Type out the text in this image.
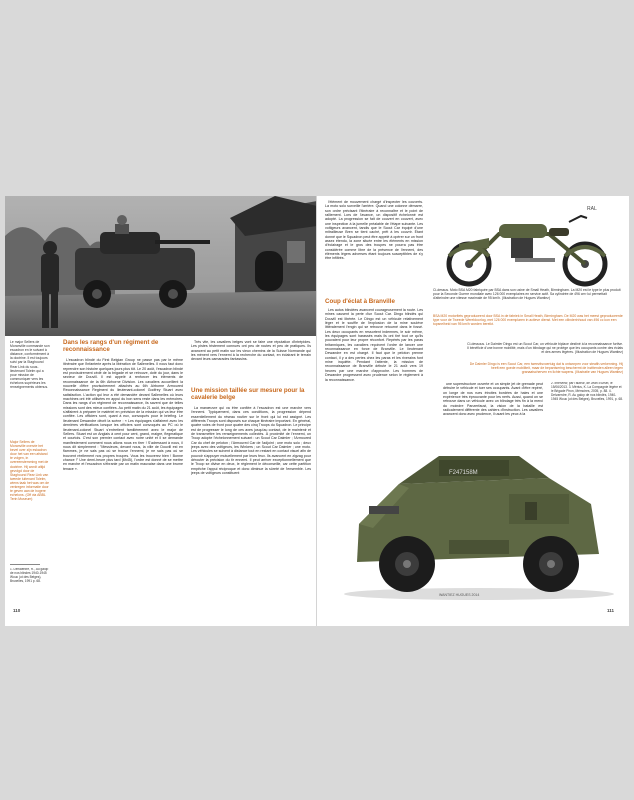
Le major Sellers de Moranville commande son escadron en le suivant à distance, conformément à la doctrine. Il est toujours suivi par la Staghound Rear Link du sous-lieutenant Tolelm qui a pour mission de communiquer vers les échelons supérieurs les renseignements obtenus.
Major Sellers de Moranville overzie het bevel over zijn eskadron door het van een afstand te volgen, in overeenstemming met de doctrine. Hij wordt altijd gevolgd door de Staghound Rear Link van tweede luitenant Tolelm, wiens taak het was om de verkregen informatie door te geven aan de hogere echelons. (Off via ABBL Terin Museum)
1. Delvaerdre, R., Au galop de nos blindes 1940-1945 Wouc (ut des Belges), Bruxelles, 1991 p. 68.
Dans les rangs d'un régiment de reconnaissance

L'escadron blindé du First Belgian Group ne passe pas par le même itinéraire que l'infanterie après la libération de Sallenelles. Il nous faut donc reprendre son histoire quelques jours plus tôt. Le 20 août, l'escadron blindé est provisoirement cédé de la brigade et se retrouve, doté du jour, dans le secteur de Douvill. Il est appelé à renforcer les éléments de reconnaissance de la 6th Airborne Division. Les cavaliers accueillent la nouvelle d'être provisoirement attachés au 6th Airborne Armoured Reconnaissance Regiment du lieutenant-colonel Godfrey Stuart avec satisfaction. L'action qui leur a été demandée devant Sallenelles où leurs machines ont été utilisées en appui du bon sens reste dans les mémoires. Dans les rangs d'un régiment de reconnaissance, ils savent que de telles missions sont des mieux confiées. Au petit matin du 21 août, les équipages s'affairent à préparer le matériel en prévision de la mission qui va leur être confiée. Les officiers sont, quant à eux, convoqués pour le briefing. Le lieutenant Dewandre décrit la scène : « Les équipages s'affairent avec les dernières vérifications lorsque les officiers sont convoqués au PC où le lieutenant-colonel Stuart s'entretient familièrement avec le major de Sellers. Stuart est un Anglais à cent pour cent, grand, maigre, flegmatique et courtois. C'est son premier contact avec notre unité et il se demande manifestement comment nous allons nous en tirer ! S'adressant à nous, il nous dit simplement : "Messieurs, devant nous, la ville de Douvill est en flammes, je ne sais pas où se trouve l'ennemi, je ne sais pas où se trouvent réellement nos propres troupes. Vous les trouverez bien ! Bonne chance !" Une demi-heure plus tard (6h45), l'ordre est donné de se mettre en marche et l'escadron s'ébranle par un matin mauvaise dans une brume tenace ».

Très vite, les cavaliers belges vont se faire une réputation d'intrépides. Les pistes tristement connues ont peu de routes et peu de pratiques. Ils avancent au petit matin sur les vieux chemins de la Suisse Normande qui les mènent vers l'ennemi à la recherche du contact, en éclairant le terrain devant leurs camarades fantassins.

Une mission taillée sur mesure pour la cavalerie belge

La manœuvre qui va être confiée à l'escadron est une marche vers l'ennemi. Typiquement, dans ces conditions, la progression dépend essentiellement du réseau routier sur le front qui lui est assigné. Les différents Troops sont disposés sur chaque itinéraire important. En général, quatre voies de front pour quatre des cinq Troops du Squadron. Le principe est de progresser le long de ces axes jusqu'au contact, de le maintenir et de transmettre les renseignements collectés. À proximité de l'ennemi, un Troop adopte l'échelonnement suivant : un Scout Car Daimler ; l'Armoured Car du chef de peloton ; l'Armoured Car de l'adjoint ; une moto solo ; deux jeeps avec des voltigeurs, les Winkers ; un Scout Car Daimler ; une moto. Les véhicules se suivent à distance tout en restant en contact visuel afin de pouvoir s'appuyer mutuellement par leurs feux. Ils avancent en zigzag pour dérouter la précision du tir ennemi. Il peut arriver exceptionnellement que le Troop se divise en deux, le règlement le déconseille, car cette partition empêche l'appui réciproque et donc diminue la sûreté de l'ensemble. Les jeeps de voltigeurs constituent

110

l'élément de mouvement chargé d'inspecter les couverts. La moto solo surveille l'arrière. Quand une colonne démarre, son ordre précisant l'itinéraire à reconnaître et le point de ralliement. Lors de l'avance, un dispositif échelonné est adopté. La progression se fait de couvert en couvert, avec une inspection à la jumelle préalable de l'étape suivante. Les voltigeurs avancent, tandis que le Scout Car équipé d'une mitrailleuse Bren se tient caché, prêt à les couvrir. Étant donné que le Squadron peut être appelé à opérer sur un front assez étendu, la zone située entre les éléments en mission d'éclairage et le gros des troupes ne pourra pas être considérée comme libre de la présence de l'ennemi, des éléments légers adverses étant toujours susceptibles de s'y être infiltrés.

Coup d'éclat à Branville

Les autos blindées avancent courageusement la route. Les mines causent la perte d'un Scout Car. Dingo blindés qui Douvill est libérée. Le Dingo est un véhicule relativement léger et le souffle de l'explosion de la mine soulève littéralement l'engin qui se retrouve retourné dans le fossé. Les deux occupants en ressortent indemnes, le soir même, les équipages sont harassés mais ils ont tiré tout ce qu'ils pouvaient pour leur propre réconfort. Repérés par les paras britanniques, les cavaliers reçoivent l'ordre de lancer une reconnaissance en force de Branville. Le lieutenant Dewandre en est chargé. Il faut que le peloton prenne contact, il y a des pertes chez les paras et les riverains font mine inquiète. Pendant l'attente, la mission de reconnaissance de Branville débute le 21 août vers 19 heures par une marche d'approche. Les hommes de Dewandre progressent avec prudence selon le règlement à la reconnaissance.

RAL
Ci-dessus. Moto BSA M20 fabriquée par BSA dans son usine de Small Heath, Birmingham. La M20 est le type le plus produit pour la Seconde Guerre mondiale avec 126 000 exemplaires en service actif. Sa cylindrée de 496 cm³ lui permettait d'atteindre une vitesse maximale de 95 km/h. (Illustration de Hugues Wantiez)
BSA M20 motorfiets geproduceerd door BSA in de fabriek in Small Heath, Birmingham. De M20 was het meest geproduceerde type voor de Tweede Wereldoorlog, met 126 000 exemplaren in actieve dienst. Met een cilinderinhoud van 496 cc kon een topsnelheid van 95 km/h worden bereikt.
Ci-dessous. Le Daimler Dingo est un Scout Car, un véhicule biplace destiné à la reconnaissance furtive. Il bénéficie d'une bonne mobilité, mais d'un blindage qui ne protège que les occupants contre des éclats et des armes légères. (Illustration de Hugues Wantiez)
De Daimler Dingo is een Scout Car, een tweezitsvoertuig dat is ontworpen voor stealth-verkenning. Hij heeft een goede mobiliteit, maar de bepantsering beschermt de inzittenden alleen tegen granaatscherven en lichte wapens. (Illustratie van Hugues Wantiez)

une superstructure ouverte et un simple jet de grenade peut détruire le véhicule et tuer ses occupants. Avant d'être repéré, on longe de nos rues étroites bordées de haies et une expérience très éprouvante pour les nerfs. Aussi, quand on se retrouve dans un véhicule avec un blindage très fin à la merci du moindre Panzerfaust, la vision de la bataille est radicalement différente des cahiers d'instruction. Les cavaliers avancent donc avec prudence, il usant les yeux à la

2. Interview, par l'auteur, de Jean d'Ursel, le 15/06/2013. 3. Mérius, K. La Compagnie légère et le Brigade Piron, Mémoires, 2005, p. 88. 4. Delvaerdre, R. Au galop de nos blindés, 1940-1945 Wouc (ut des Belges), Bruxelles, 1991, p. 68.
F247158M
WANTIEZ HUGUES 2014
111
